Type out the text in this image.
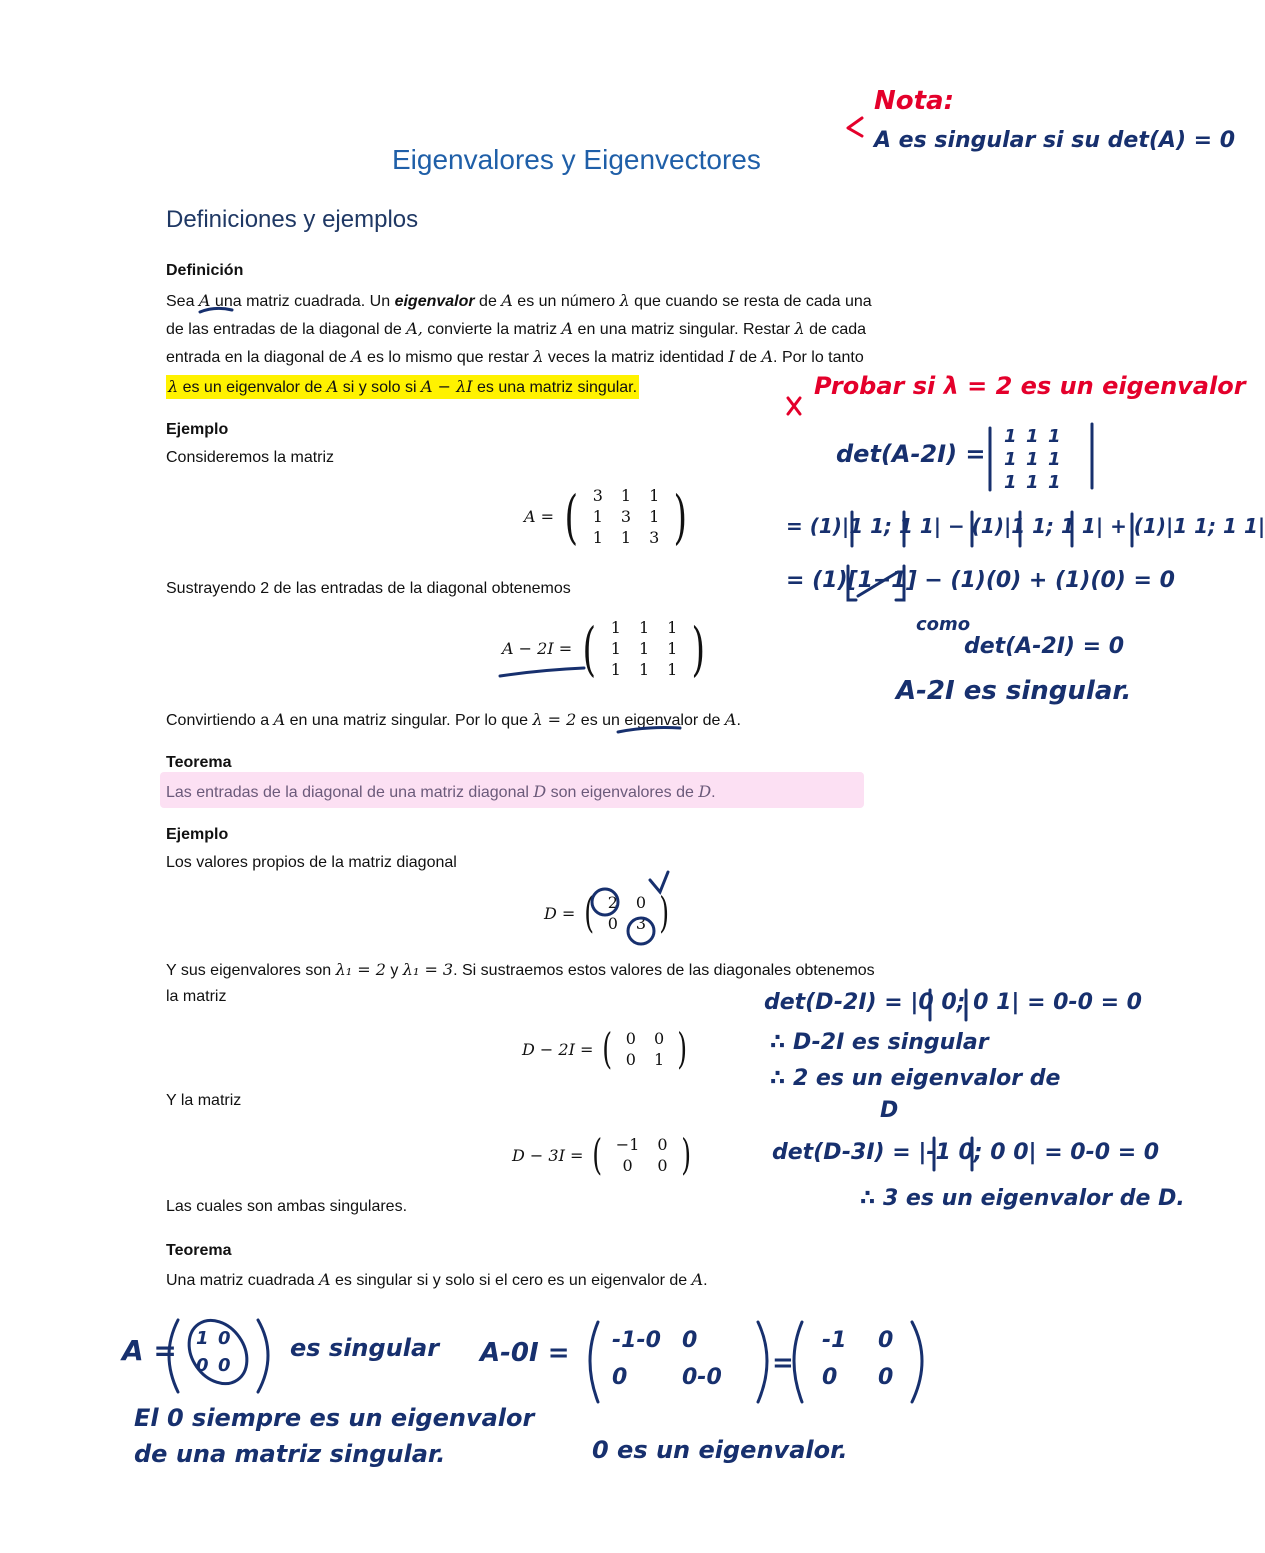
Eigenvalores y Eigenvectores
Definiciones y ejemplos
Definición
Sea A una matriz cuadrada. Un eigenvalor de A es un número λ que cuando se resta de cada una
de las entradas de la diagonal de A, convierte la matriz A en una matriz singular. Restar λ de cada
entrada en la diagonal de A es lo mismo que restar λ veces la matriz identidad I de A. Por lo tanto
λ es un eigenvalor de A si y solo si A − λI es una matriz singular.
Ejemplo
Consideremos la matriz
A = ( 3 1 1
1 3 1
1 1 3 )
Sustrayendo 2 de las entradas de la diagonal obtenemos
A − 2I = ( 1 1 1
1 1 1
1 1 1 )
Convirtiendo a A en una matriz singular. Por lo que λ = 2 es un eigenvalor de A.
Teorema
Las entradas de la diagonal de una matriz diagonal D son eigenvalores de D.
Ejemplo
Los valores propios de la matriz diagonal
D = ( 2 0
0 3 )
Y sus eigenvalores son λ₁ = 2 y λ₁ = 3. Si sustraemos estos valores de las diagonales obtenemos
la matriz
D − 2I = ( 0 0
0 1 )
Y la matriz
D − 3I = ( −1 0
0	0 )
Las cuales son ambas singulares.
Teorema
Una matriz cuadrada A es singular si y solo si el cero es un eigenvalor de A.
Nota:
A es singular si su det(A) = 0
Probar si λ = 2 es un eigenvalor
det(A-2I) =
1 1 1
1 1 1
1 1 1
= (1)|1 1; 1 1| − (1)|1 1; 1 1| + (1)|1 1; 1 1|
= (1)[1−1] − (1)(0) + (1)(0) = 0
como
det(A-2I) = 0
A-2I es singular.
det(D-2I) = |0 0; 0 1| = 0-0 = 0
∴ D-2I es singular
∴ 2 es un eigenvalor de
D
det(D-3I) = |-1 0; 0 0| = 0-0 = 0
∴ 3 es un eigenvalor de D.
A = 1 0
0 0
es singular A-0I = -1-0 0
0	0-0	=
-1	0
0	0
El 0 siempre es un eigenvalor
de una matriz singular.	0 es un eigenvalor.
